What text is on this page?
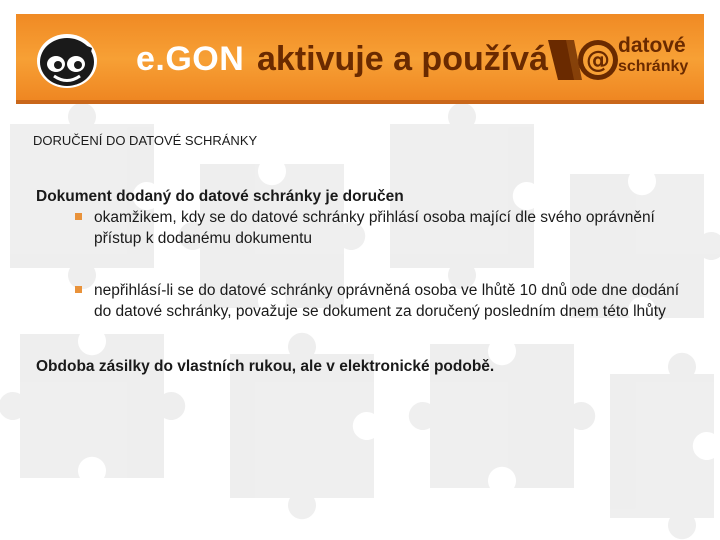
e.GON aktivuje a používá @
datové
schránky
DORUČENÍ DO DATOVÉ SCHRÁNKY

Dokument dodaný do datové schránky je doručen

okamžikem, kdy se do datové schránky přihlásí osoba mající dle svého oprávnění přístup k dodanému dokumentu
nepřihlásí-li se do datové schránky oprávněná osoba ve lhůtě 10 dnů ode dne dodání do datové schránky, považuje se dokument za doručený posledním dnem této lhůty

Obdoba zásilky do vlastních rukou, ale v elektronické podobě.
